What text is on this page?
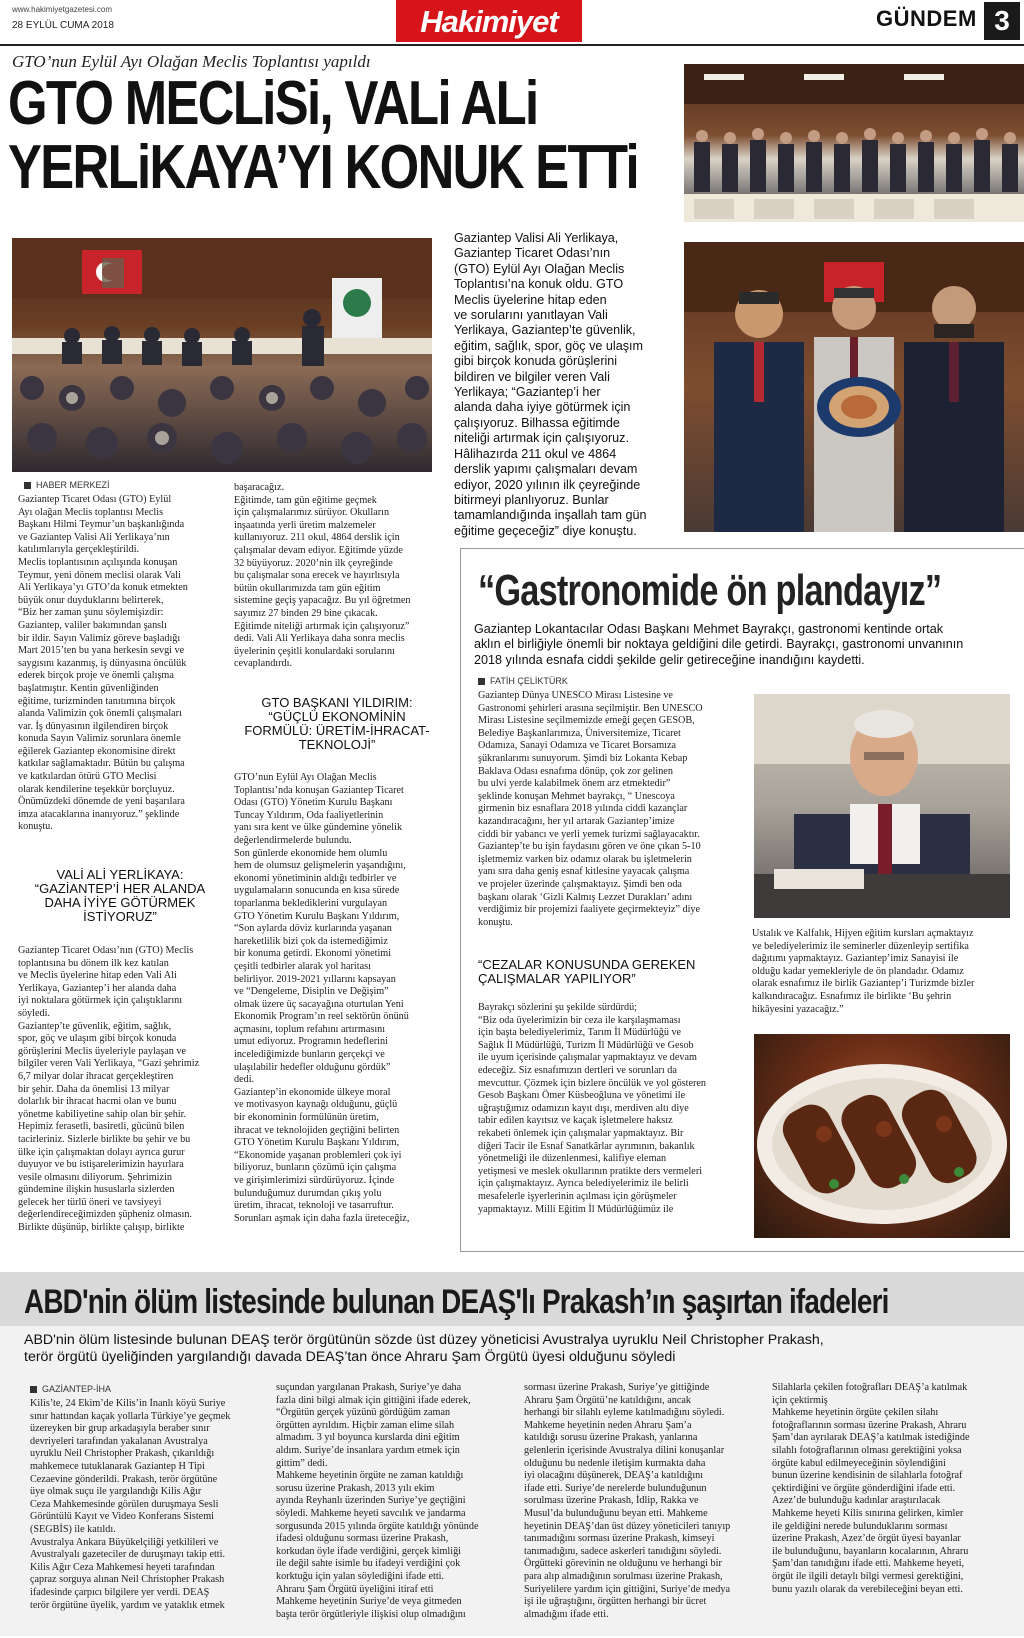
www.hakimiyetgazetesi.com
28 EYLÜL CUMA 2018	Hakimiyet	GÜNDEM 3
GTO’nun Eylül Ayı Olağan Meclis Toplantısı yapıldı
GTO MECLiSi, VALi ALi
YERLiKAYA’YI KONUK ETTi
Gaziantep Valisi Ali Yerlikaya,
Gaziantep Ticaret Odası’nın
(GTO) Eylül Ayı Olağan Meclis
Toplantısı’na konuk oldu. GTO
Meclis üyelerine hitap eden
ve sorularını yanıtlayan Vali
Yerlikaya, Gaziantep’te güvenlik,
eğitim, sağlık, spor, göç ve ulaşım
gibi birçok konuda görüşlerini
bildiren ve bilgiler veren Vali
Yerlikaya; “Gaziantep’i her
alanda daha iyiye götürmek için
çalışıyoruz. Bilhassa eğitimde
niteliği artırmak için çalışıyoruz.
Hâlihazırda 211 okul ve 4864
derslik yapımı çalışmaları devam
ediyor, 2020 yılının ilk çeyreğinde
bitirmeyi planlıyoruz. Bunlar
tamamlandığında inşallah tam gün
eğitime geçeceğiz” diye konuştu.
HABER MERKEZİ
Gaziantep Ticaret Odası (GTO) Eylül
Ayı olağan Meclis toplantısı Meclis
Başkanı Hilmi Teymur’un başkanlığında
ve Gaziantep Valisi Ali Yerlikaya’nın
katılımlarıyla gerçekleştirildi.
Meclis toplantısının açılışında konuşan
Teymur, yeni dönem meclisi olarak Vali
Ali Yerlikaya’yı GTO’da konuk etmekten
büyük onur duyduklarını belirterek,
“Biz her zaman şunu söylemişizdir:
Gaziantep, valiler bakımından şanslı
bir ildir. Sayın Valimiz göreve başladığı
Mart 2015’ten bu yana herkesin sevgi ve
saygısını kazanmış, iş dünyasına öncülük
ederek birçok proje ve önemli çalışma
başlatmıştır. Kentin güvenliğinden
eğitime, turizminden tanıtımına birçok
alanda Valimizin çok önemli çalışmaları
var. İş dünyasının ilgilendiren birçok
konuda Sayın Valimiz sorunlara önemle
eğilerek Gaziantep ekonomisine direkt
katkılar sağlamaktadır. Bütün bu çalışma
ve katkılardan ötürü GTO Meclisi
olarak kendilerine teşekkür borçluyuz.
Önümüzdeki dönemde de yeni başarılara
imza atacaklarına inanıyoruz.” şeklinde
konuştu.
VALİ ALİ YERLİKAYA:
“GAZİANTEP’İ HER ALANDA
DAHA İYİYE GÖTÜRMEK
İSTİYORUZ”
Gaziantep Ticaret Odası’nın (GTO) Meclis
toplantısına bu dönem ilk kez katılan
ve Meclis üyelerine hitap eden Vali Ali
Yerlikaya, Gaziantep’i her alanda daha
iyi noktalara götürmek için çalıştıklarını
söyledi.
Gaziantep’te güvenlik, eğitim, sağlık,
spor, göç ve ulaşım gibi birçok konuda
görüşlerini Meclis üyeleriyle paylaşan ve
bilgiler veren Vali Yerlikaya, “Gazi şehrimiz
6,7 milyar dolar ihracat gerçekleştiren
bir şehir. Daha da önemlisi 13 milyar
dolarlık bir ihracat hacmi olan ve bunu
yönetme kabiliyetine sahip olan bir şehir.
Hepimiz ferasetli, basiretli, gücünü bilen
tacirleriniz. Sizlerle birlikte bu şehir ve bu
ülke için çalışmaktan dolayı ayrıca gurur
duyuyor ve bu istişarelerimizin hayırlara
vesile olmasını diliyorum. Şehrimizin
gündemine ilişkin hususlarla sizlerden
gelecek her türlü öneri ve tavsiyeyi
değerlendireceğimizden şüpheniz olmasın.
Birlikte düşünüp, birlikte çalışıp, birlikte
başaracağız.
Eğitimde, tam gün eğitime geçmek
için çalışmalarımız sürüyor. Okulların
inşaatında yerli üretim malzemeler
kullanıyoruz. 211 okul, 4864 derslik için
çalışmalar devam ediyor. Eğitimde yüzde
32 büyüyoruz. 2020’nin ilk çeyreğinde
bu çalışmalar sona erecek ve hayırlısıyla
bütün okullarımızda tam gün eğitim
sistemine geçiş yapacağız. Bu yıl öğretmen
sayımız 27 binden 29 bine çıkacak.
Eğitimde niteliği artırmak için çalışıyoruz”
dedi. Vali Ali Yerlikaya daha sonra meclis
üyelerinin çeşitli konulardaki sorularını
cevaplandırdı.
GTO BAŞKANI YILDIRIM:
“GÜÇLÜ EKONOMİNİN
FORMÜLÜ: ÜRETİM-İHRACAT-
TEKNOLOJİ”
GTO’nun Eylül Ayı Olağan Meclis
Toplantısı’nda konuşan Gaziantep Ticaret
Odası (GTO) Yönetim Kurulu Başkanı
Tuncay Yıldırım, Oda faaliyetlerinin
yanı sıra kent ve ülke gündemine yönelik
değerlendirmelerde bulundu.
Son günlerde ekonomide hem olumlu
hem de olumsuz gelişmelerin yaşandığını,
ekonomi yönetiminin aldığı tedbirler ve
uygulamaların sonucunda en kısa sürede
toparlanma beklediklerini vurgulayan
GTO Yönetim Kurulu Başkanı Yıldırım,
“Son aylarda döviz kurlarında yaşanan
hareketlilik bizi çok da istemediğimiz
bir konuma getirdi. Ekonomi yönetimi
çeşitli tedbirler alarak yol haritası
belirliyor. 2019-2021 yıllarını kapsayan
ve “Dengeleme, Disiplin ve Değişim”
olmak üzere üç sacayağına oturtulan Yeni
Ekonomik Program’ın reel sektörün önünü
açmasını, toplum refahını artırmasını
umut ediyoruz. Programın hedeflerini
incelediğimizde bunların gerçekçi ve
ulaşılabilir hedefler olduğunu gördük”
dedi.
Gaziantep’in ekonomide ülkeye moral
ve motivasyon kaynağı olduğunu, güçlü
bir ekonominin formülünün üretim,
ihracat ve teknolojiden geçtiğini belirten
GTO Yönetim Kurulu Başkanı Yıldırım,
“Ekonomide yaşanan problemleri çok iyi
biliyoruz, bunların çözümü için çalışma
ve girişimlerimizi sürdürüyoruz. İçinde
bulunduğumuz durumdan çıkış yolu
üretim, ihracat, teknoloji ve tasarruftur.
Sorunları aşmak için daha fazla üreteceğiz,
“Gastronomide ön plandayız”
Gaziantep Lokantacılar Odası Başkanı Mehmet Bayrakçı, gastronomi kentinde ortak
aklın el birliğiyle önemli bir noktaya geldiğini dile getirdi. Bayrakçı, gastronomi unvanının
2018 yılında esnafa ciddi şekilde gelir getireceğine inandığını kaydetti.
FATİH ÇELİKTÜRK
Gaziantep Dünya UNESCO Mirası Listesine ve
Gastronomi şehirleri arasına seçilmiştir. Ben UNESCO
Mirası Listesine seçilmemizde emeği geçen GESOB,
Belediye Başkanlarımıza, Üniversitemize, Ticaret
Odamıza, Sanayi Odamıza ve Ticaret Borsamıza
şükranlarımı sunuyorum. Şimdi biz Lokanta Kebap
Baklava Odası esnafıma dönüp, çok zor gelinen
bu ulvi yerde kalabilmek önem arz etmektedir”
şeklinde konuşan Mehmet bayrakçı, “ Unescoya
girmenin biz esnaflara 2018 yılında ciddi kazançlar
kazandıracağını, her yıl artarak Gaziantep’imize
ciddi bir yabancı ve yerli yemek turizmi sağlayacaktır.
Gaziantep’te bu işin faydasını gören ve öne çıkan 5-10
işletmemiz varken biz odamız olarak bu işletmelerin
yanı sıra daha geniş esnaf kitlesine yayacak çalışma
ve projeler üzerinde çalışmaktayız. Şimdi ben oda
başkanı olarak ‘Gizli Kalmış Lezzet Durakları’ adını
verdiğimiz bir projemizi faaliyete geçirmekteyiz” diye
konuştu.
“CEZALAR KONUSUNDA GEREKEN
ÇALIŞMALAR YAPILIYOR”
Bayrakçı sözlerini şu şekilde sürdürdü;
“Biz oda üyelerimizin bir ceza ile karşılaşmaması
için başta belediyelerimiz, Tarım İl Müdürlüğü ve
Sağlık İl Müdürlüğü, Turizm İl Müdürlüğü ve Gesob
ile uyum içerisinde çalışmalar yapmaktayız ve devam
edeceğiz. Siz esnafımızın dertleri ve sorunları da
mevcuttur. Çözmek için bizlere öncülük ve yol gösteren
Gesob Başkanı Ömer Küsbeoğluna ve yönetimi ile
uğraştığımız odamızın kayıt dışı, merdiven altı diye
tabir edilen kayıtsız ve kaçak işletmelere haksız
rekabeti önlemek için çalışmalar yapmaktayız. Bir
diğeri Tacir ile Esnaf Sanatkârlar ayrımının, bakanlık
yönetmeliği ile düzenlenmesi, kalifiye eleman
yetişmesi ve meslek okullarının pratikte ders vermeleri
için çalışmaktayız. Ayrıca belediyelerimiz ile belirli
mesafelerle işyerlerinin açılması için görüşmeler
yapmaktayız. Milli Eğitim İl Müdürlüğümüz ile
Ustalık ve Kalfalık, Hijyen eğitim kursları açmaktayız
ve belediyelerimiz ile seminerler düzenleyip sertifika
dağıtımı yapmaktayız. Gaziantep’imiz Sanayisi ile
olduğu kadar yemekleriyle de ön plandadır. Odamız
olarak esnafımız ile birlik Gaziantep’i Turizmde bizler
kalkındıracağız. Esnafımız ile birlikte ‘Bu şehrin
hikâyesini yazacağız.”
ABD'nin ölüm listesinde bulunan DEAŞ'lı Prakash’ın şaşırtan ifadeleri
ABD'nin ölüm listesinde bulunan DEAŞ terör örgütünün sözde üst düzey yöneticisi Avustralya uyruklu Neil Christopher Prakash,
terör örgütü üyeliğinden yargılandığı davada DEAŞ’tan önce Ahraru Şam Örgütü üyesi olduğunu söyledi
GAZİANTEP-İHA
Kilis’te, 24 Ekim’de Kilis’in İnanlı köyü Suriye
sınır hattından kaçak yollarla Türkiye’ye geçmek
üzereyken bir grup arkadaşıyla beraber sınır
devriyeleri tarafından yakalanan Avustralya
uyruklu Neil Christopher Prakash, çıkarıldığı
mahkemece tutuklanarak Gaziantep H Tipi
Cezaevine gönderildi. Prakash, terör örgütüne
üye olmak suçu ile yargılandığı Kilis Ağır
Ceza Mahkemesinde görülen duruşmaya Sesli
Görüntülü Kayıt ve Video Konferans Sistemi
(SEGBİS) ile katıldı.
Avustralya Ankara Büyükelçiliği yetkilileri ve
Avustralyalı gazeteciler de duruşmayı takip etti.
Kilis Ağır Ceza Mahkemesi heyeti tarafından
çapraz sorguya alınan Neil Christopher Prakash
ifadesinde çarpıcı bilgilere yer verdi. DEAŞ
terör örgütüne üyelik, yardım ve yataklık etmek
suçundan yargılanan Prakash, Suriye’ye daha
fazla dini bilgi almak için gittiğini ifade ederek,
“Örgütün gerçek yüzünü gördüğüm zaman
örgütten ayrıldım. Hiçbir zaman elime silah
almadım. 3 yıl boyunca kurslarda dini eğitim
aldım. Suriye’de insanlara yardım etmek için
gittim” dedi.
Mahkeme heyetinin örgüte ne zaman katıldığı
sorusu üzerine Prakash, 2013 yılı ekim
ayında Reyhanlı üzerinden Suriye’ye geçtiğini
söyledi. Mahkeme heyeti savcılık ve jandarma
sorgusunda 2015 yılında örgüte katıldığı yönünde
ifadesi olduğunu sorması üzerine Prakash,
korkudan öyle ifade verdiğini, gerçek kimliği
ile değil sahte isimle bu ifadeyi verdiğini çok
korktuğu için yalan söylediğini ifade etti.
Ahraru Şam Örgütü üyeliğini itiraf etti
Mahkeme heyetinin Suriye’de veya gitmeden
başta terör örgütleriyle ilişkisi olup olmadığını
sorması üzerine Prakash, Suriye’ye gittiğinde
Ahraru Şam Örgütü’ne katıldığını, ancak
herhangi bir silahlı eyleme katılmadığını söyledi.
Mahkeme heyetinin neden Ahraru Şam’a
katıldığı sorusu üzerine Prakash, yanlarına
gelenlerin içerisinde Avustralya dilini konuşanlar
olduğunu bu nedenle iletişim kurmakta daha
iyi olacağını düşünerek, DEAŞ’a katıldığını
ifade etti. Suriye’de nerelerde bulunduğunun
sorulması üzerine Prakash, İdlip, Rakka ve
Musul’da bulunduğunu beyan etti. Mahkeme
heyetinin DEAŞ’dan üst düzey yöneticileri tanıyıp
tanımadığını sorması üzerine Prakash, kimseyi
tanımadığını, sadece askerleri tanıdığını söyledi.
Örgütteki görevinin ne olduğunu ve herhangi bir
para alıp almadığının sorulması üzerine Prakash,
Suriyelilere yardım için gittiğini, Suriye’de medya
işi ile uğraştığını, örgütten herhangi bir ücret
almadığını ifade etti.
Silahlarla çekilen fotoğrafları DEAŞ’a katılmak
için çektirmiş
Mahkeme heyetinin örgüte çekilen silahı
fotoğraflarının sorması üzerine Prakash, Ahraru
Şam’dan ayrılarak DEAŞ’a katılmak istediğinde
silahlı fotoğraflarının olması gerektiğini yoksa
örgüte kabul edilmeyeceğinin söylendiğini
bunun üzerine kendisinin de silahlarla fotoğraf
çektirdiğini ve örgüte gönderdiğini ifade etti.
Azez’de bulunduğu kadınlar araştırılacak
Mahkeme heyeti Kilis sınırına gelirken, kimler
ile geldiğini nerede bulunduklarını sorması
üzerine Prakash, Azez’de örgüt üyesi bayanlar
ile bulunduğunu, bayanların kocalarının, Ahraru
Şam’dan tanıdığını ifade etti. Mahkeme heyeti,
örgüt ile ilgili detaylı bilgi vermesi gerektiğini,
bunu yazılı olarak da verebileceğini beyan etti.
